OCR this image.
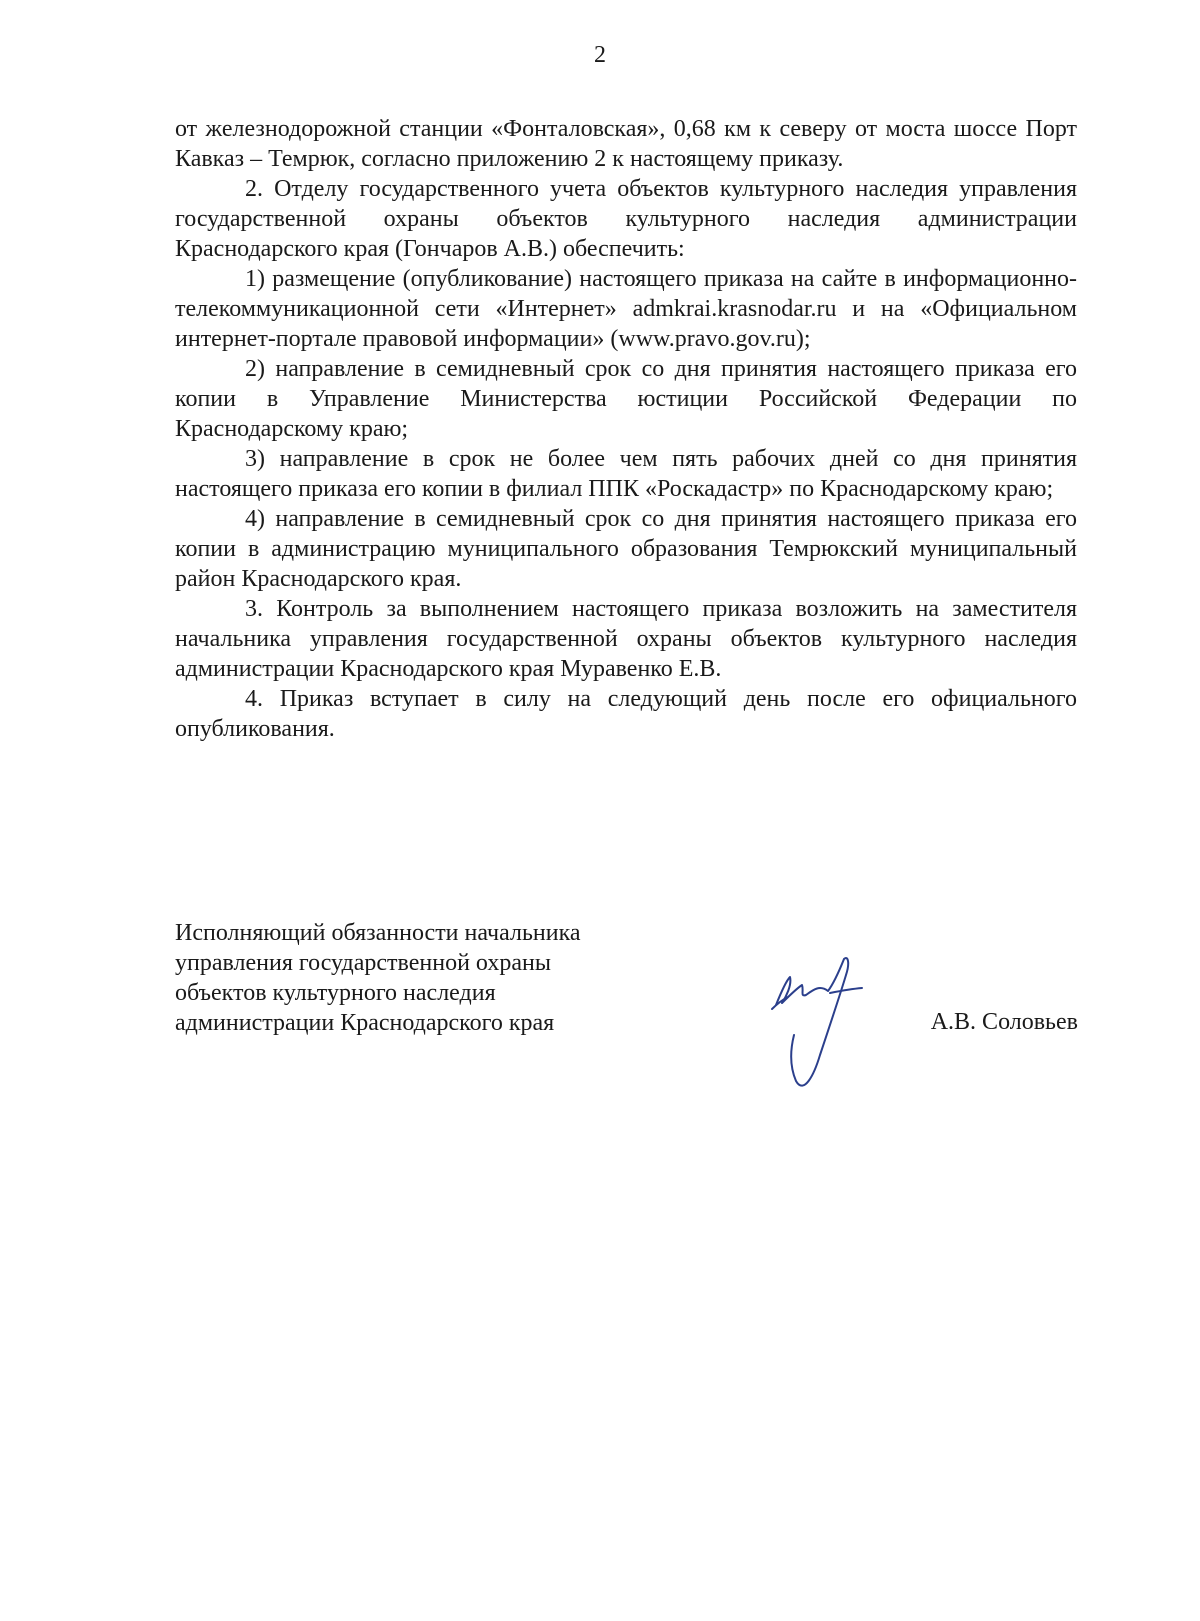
2

от железнодорожной станции «Фонталовская», 0,68 км к северу от моста шоссе Порт Кавказ – Темрюк, согласно приложению 2 к настоящему приказу.

2. Отделу государственного учета объектов культурного наследия управления государственной охраны объектов культурного наследия администрации Краснодарского края (Гончаров А.В.) обеспечить:

1) размещение (опубликование) настоящего приказа на сайте в информационно-телекоммуникационной сети «Интернет» admkrai.krasnodar.ru и на «Официальном интернет-портале правовой информации» (www.pravo.gov.ru);

2) направление в семидневный срок со дня принятия настоящего приказа его копии в Управление Министерства юстиции Российской Федерации по Краснодарскому краю;

3) направление в срок не более чем пять рабочих дней со дня принятия настоящего приказа его копии в филиал ППК «Роскадастр» по Краснодарскому краю;

4) направление в семидневный срок со дня принятия настоящего приказа его копии в администрацию муниципального образования Темрюкский муниципальный район Краснодарского края.

3. Контроль за выполнением настоящего приказа возложить на заместителя начальника управления государственной охраны объектов культурного наследия администрации Краснодарского края Муравенко Е.В.

4. Приказ вступает в силу на следующий день после его официального опубликования.

Исполняющий обязанности начальника
управления государственной охраны
объектов культурного наследия
администрации Краснодарского края	А.В. Соловьев
